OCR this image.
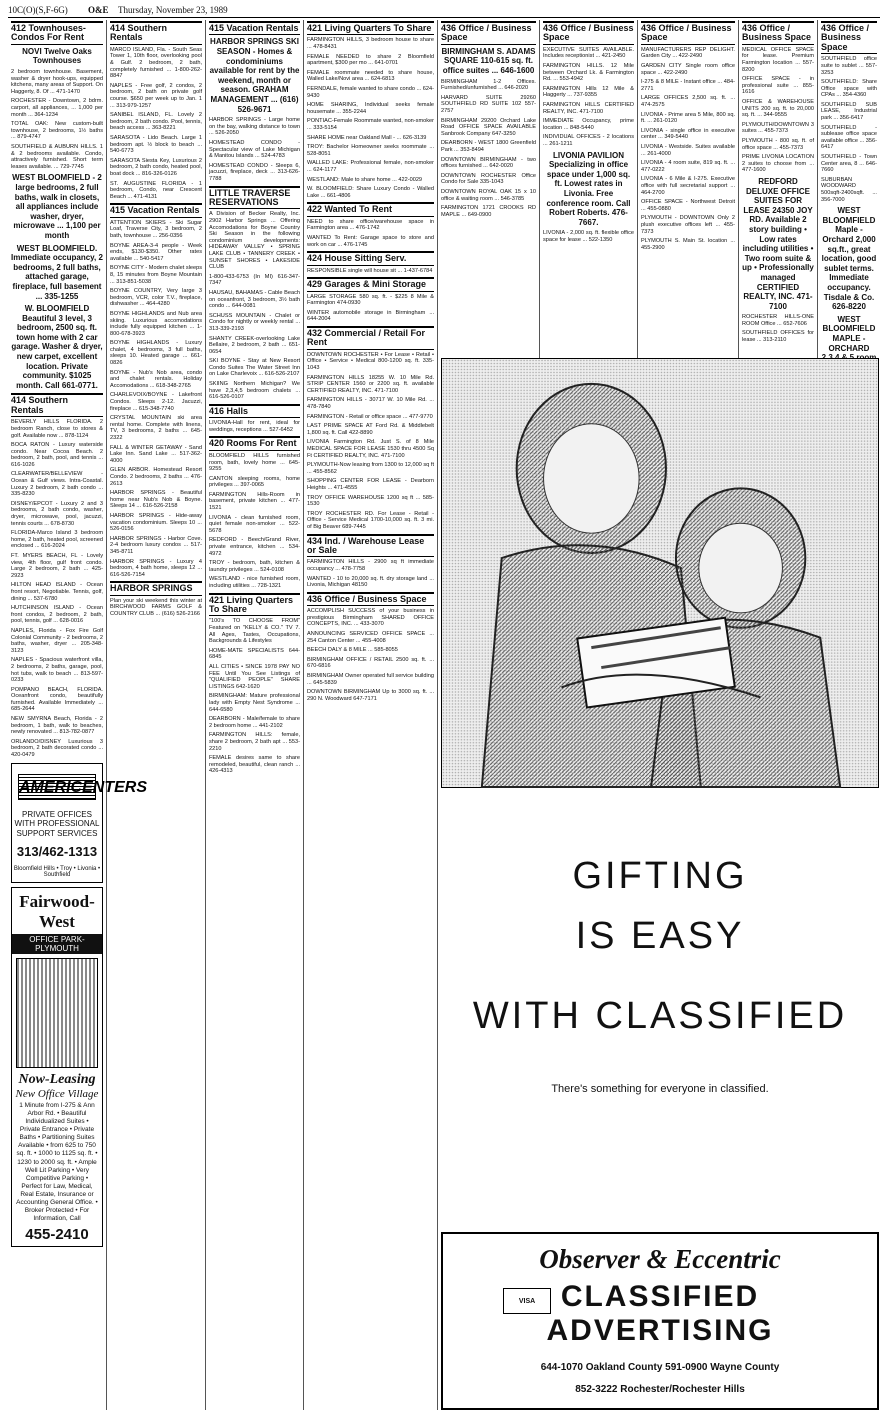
10C(O)(S,F-6G) O&E Thursday, November 23, 1989
412 Townhouses-Condos For Rent
NOVI Twelve Oaks Townhouses
2 bedroom townhouse. Basement, washer & dryer hook-ups, equipped kitchens, many areas of Support. On Haggerty, 8. Of ... 471-1470
ROCHESTER - Downtown, 2 bdrm. carport, all appliances, ... 1,000 per month ... 364-1234
TOTAL OAK: New custom-built townhouse, 2 bedrooms, 1½ baths ... 879-4747
SOUTHFIELD & AUBURN HILLS. 1 & 2 bedrooms available. Condo, attractively furnished. Short term leases available. ... 729-7745
WEST BLOOMFIELD - 2 large bedrooms, 2 full baths, walk in closets, all appliances include washer, dryer, microwave ... 1,100 per month
WEST BLOOMFIELD. Immediate occupancy, 2 bedrooms, 2 full baths, attached garage, fireplace, full basement ... 335-1255
W. BLOOMFIELD Beautiful 3 level, 3 bedroom, 2500 sq. ft. town home with 2 car garage. Washer & dryer, new carpet, excellent location. Private community. $1025 month. Call 661-0771.
414 Southern Rentals
BEVERLY HILLS FLORIDA. 2 bedroom Ranch, close to stores & golf. Available now ... 878-1124
BOCA RATON - Luxury waterside condo. Near Cocoa Beach. 2 bedroom, 2 bath, pool, and tennis ... 616-1026
CLEARWATER/BELLEVIEW - Ocean & Gulf views. Intra-Coastal. Luxury 2 bedroom, 2 bath condo ... 335-8230
DISNEY/EPCOT - Luxury 2 and 3 bedrooms, 2 bath condo, washer, dryer, microwave, pool, jacuzzi, tennis courts ... 678-8730
FLORIDA-Marco Island 3 bedroom home, 2 bath, heated pool, screened enclosed ... 616-2024
FT. MYERS BEACH, FL - Lovely view, 4th floor, gulf front condo. Large 2 bedroom, 2 bath ... 425-2923
HILTON HEAD ISLAND - Ocean front resort, Negotiable. Tennis, golf, dining ... 537-6780
HUTCHINSON ISLAND - Ocean front condos, 2 bedroom, 2 bath, pool, tennis, golf ... 628-0016
NAPLES, Florida - Fox Fire Golf Colonial Community - 2 bedrooms, 2 baths, washer, dryer ... 205-348-3123
NAPLES - Spacious waterfront villa, 2 bedrooms, 2 baths, garage, pool, hot tubs, walk to beach ... 813-597-0233
POMPANO BEACH, FLORIDA. Oceanfront condo, beautifully furnished. Available Immediately ... 685-2644
NEW SMYRNA Beach, Florida - 2 bedroom, 1 bath, walk to beaches, newly renovated ... 813-782-0877
ORLANDO/DISNEY Luxurious 3 bedroom, 2 bath decorated condo ... 420-0479
AMERICENTERS
PRIVATE OFFICES
WITH PROFESSIONAL SUPPORT SERVICES
313/462-1313
Bloomfield Hills • Troy • Livonia • Southfield
Fairwood-West
OFFICE PARK-PLYMOUTH
Now-Leasing
New Office Village
1 Minute from I-275 & Ann Arbor Rd. • Beautiful Individualized Suites • Private Entrance • Private Baths • Partitioning Suites Available • from 625 to 750 sq. ft. • 1000 to 1125 sq. ft. • 1230 to 2000 sq. ft. • Ample Well Lit Parking • Very Competitive Parking • Perfect for Law, Medical, Real Estate, Insurance or Accounting General Office. • Broker Protected • For Information, Call
455-2410
414 Southern Rentals
MARCO ISLAND, Fla. - South Seas Tower 1, 10th floor, overlooking pool & Gulf. 2 bedroom, 2 bath, completely furnished ... 1-800-262-8847
NAPLES - Free golf, 2 condos, 2 bedroom, 2 bath on private golf course. $650 per week up to Jan. 1 ... 313-979-1257
SANIBEL ISLAND, FL. Lovely 2 bedroom, 2 bath condo. Pool, tennis, beach access ... 363-8221
SARASOTA - Lido Beach. Large 1 bedroom apt. ½ block to beach ... 540-6773
SARASOTA Siesta Key, Luxurious 2 bedroom, 2 bath condo, heated pool, boat dock ... 816-326-0126
ST. AUGUSTINE FLORIDA - 1 bedroom, Condo, near Crescent Beach ... 471-4131
415 Vacation Rentals
ATTENTION SKIERS - Ski Sugar Loaf, Traverse City, 3 bedroom, 2 bath, townhouse ... 256-0356
BOYNE AREA-3-4 people - Week ends, $130-$350. Other rates available ... 540-5417
BOYNE CITY - Modern chalet sleeps 8, 15 minutes from Boyne Mountain ... 313-851-5038
BOYNE COUNTRY, Very large 3 bedroom, VCR, color T.V., fireplace, dishwasher ... 464-4280
BOYNE HIGHLANDS and Nub area skiing. Luxurious accomodations include fully equipped kitchen ... 1-800-678-3923
BOYNE HIGHLANDS - Luxury chalet, 4 bedrooms, 3 full baths, sleeps 10. Heated garage ... 661-0826
BOYNE - Nub's Nob area, condo and chalet rentals. Holiday Accomodations ... 618-348-2765
CHARLEVOIX/BOYNE - Lakefront Condos. Sleeps 2-12. Jacuzzi, fireplace ... 615-348-7740
CRYSTAL MOUNTAIN ski area rental home. Complete with linens, TV, 3 bedrooms, 2 baths ... 645-2322
FALL & WINTER GETAWAY - Sand Lake Inn. Sand Lake ... 517-362-4000
GLEN ARBOR. Homestead Resort Condo. 2 bedrooms, 2 baths ... 476-2613
HARBOR SPRINGS - Beautiful home near Nub's Nob & Boyne. Sleeps 14 ... 616-526-2158
HARBOR SPRINGS - Hide-away vacation condominium. Sleeps 10 ... 526-0156
HARBOR SPRINGS - Harbor Cove. 2-4 bedroom luxury condos ... 517-345-8711
HARBOR SPRINGS - Luxury 4 bedroom, 4 bath home, sleeps 12 ... 616-526-7154
HARBOR SPRINGS
Plan your ski weekend this winter at BIRCHWOOD FARMS GOLF & COUNTRY CLUB ... (616) 526-2166
415 Vacation Rentals
HARBOR SPRINGS SKI SEASON - Homes & condominiums available for rent by the weekend, month or season. GRAHAM MANAGEMENT ... (616) 526-9671
HARBOR SPRINGS - Large home on the bay, walking distance to town ... 526-2050
HOMESTEAD CONDO - Spectacular view of Lake Michigan & Manitou Islands ... 524-4783
HOMESTEAD CONDO - Sleeps 6, jacuzzi, fireplace, deck ... 313-626-7788
LITTLE TRAVERSE RESERVATIONS
A Division of Becker Realty, Inc. 2902 Harbor Springs ... Offering Accomodations for Boyne Country Ski Season in the following condominium developments: HIDEAWAY VALLEY • SPRING LAKE CLUB • TANNERY CREEK • SUNSET SHORES • LAKESIDE CLUB
1-800-433-6753 (In MI) 616-347-7347
HAUSAU, BAHAMAS - Cable Beach on oceanfront, 3 bedroom, 3½ bath condo ... 644-0081
SCHUSS MOUNTAIN - Chalet or Condo for nightly or weekly rental ... 313-339-2193
SHANTY CREEK-overlooking Lake Bellaire, 2 bedroom, 2 bath ... 651-0654
SKI BOYNE - Stay at New Resort Condo Suites The Water Street Inn on Lake Charlevoix ... 616-526-2107
SKIING Northern Michigan? We have 2,3,4,5 bedroom chalets ... 616-526-0107
416 Halls
LIVONIA-Hall for rent, ideal for weddings, receptions ... 527-6452
420 Rooms For Rent
BLOOMFIELD HILLS furnished room, bath, lovely home ... 645-9255
CANTON sleeping rooms, home privileges ... 397-0065
FARMINGTON Hills-Room in basement, private kitchen ... 477-1521
LIVONIA - clean furnished room, quiet female non-smoker ... 522-5678
REDFORD - Beech/Grand River, private entrance, kitchen ... 534-4972
TROY - bedroom, bath, kitchen & laundry privileges ... 524-0108
WESTLAND - nice furnished room, including utilities ... 728-1321
421 Living Quarters To Share
"100's TO CHOOSE FROM" Featured on "KELLY & CO." TV 7. All Ages, Tastes, Occupations, Backgrounds & Lifestyles
HOME-MATE SPECIALISTS 644-6845
ALL CITIES • SINCE 1978 PAY NO FEE Until You See Listings of "QUALIFIED PEOPLE" SHARE LISTINGS 642-1620
BIRMINGHAM: Mature professional lady with Empty Nest Syndrome ... 644-6580
DEARBORN - Male/female to share 2 bedroom home ... 441-2102
FARMINGTON HILLS: female, share 2 bedroom, 2 bath apt ... 553-2210
FEMALE desires same to share remodeled, beautiful, clean ranch ... 426-4313
421 Living Quarters To Share
FARMINGTON HILLS, 3 bedroom house to share ... 478-8431
FEMALE NEEDED to share 2 Bloomfield apartment, $300 per mo ... 641-0701
FEMALE roommate needed to share house, Walled Lake/Novi area ... 624-6813
FERNDALE, female wanted to share condo ... 624-9430
HOME SHARING, Individual seeks female housemate ... 355-2244
PONTIAC-Female Roommate wanted, non-smoker ... 333-5154
SHARE HOME near Oakland Mall - ... 626-3139
TROY: Bachelor Homeowner seeks roommate ... 528-8051
WALLED LAKE: Professional female, non-smoker ... 624-1177
WESTLAND: Male to share home ... 422-0029
W. BLOOMFIELD: Share Luxury Condo - Walled Lake ... 661-4806
422 Wanted To Rent
NEED to share office/warehouse space in Farmington area ... 476-1742
WANTED To Rent: Garage space to store and work on car ... 476-1745
424 House Sitting Serv.
RESPONSIBLE single will house sit ... 1-437-6784
429 Garages & Mini Storage
LARGE STORAGE 580 sq. ft. - $225 8 Mile & Farmington 474-0930
WINTER automobile storage in Birmingham ... 644-2004
432 Commercial / Retail For Rent
DOWNTOWN ROCHESTER • For Lease • Retail • Office • Service • Medical 800-1200 sq. ft. 335-1043
FARMINGTON HILLS 18255 W. 10 Mile Rd. STRIP CENTER 1560 or 2200 sq. ft. available CERTIFIED REALTY, INC. 471-7100
FARMINGTON HILLS - 30717 W. 10 Mile Rd. ... 478-7840
FARMINGTON - Retail or office space ... 477-9770
LAST PRIME SPACE AT Ford Rd. & Middlebelt 1,800 sq. ft. Call 422-8890
LIVONIA Farmington Rd. Just S. of 8 Mile MEDICAL SPACE FOR LEASE 1530 thru 4500 Sq Ft CERTIFIED REALTY, INC. 471-7100
PLYMOUTH-Now leasing from 1300 to 12,000 sq ft ... 455-8562
SHOPPING CENTER FOR LEASE - Dearborn Heights ... 471-4555
TROY OFFICE WAREHOUSE 1200 sq ft ... 585-1530
TROY ROCHESTER RD. For Lease - Retail - Office - Service Medical 1700-10,000 sq. ft. 3 mi. of Big Beaver 689-7445
434 Ind. / Warehouse Lease or Sale
FARMINGTON HILLS - 2900 sq ft immediate occupancy ... 478-7758
WANTED - 10 to 20,000 sq. ft. dry storage land ... Livonia, Michigan 48150
436 Office / Business Space
ACCOMPLISH SUCCESS of your business in prestigious Birmingham SHARED OFFICE CONCEPTS, INC. ... 433-3070
ANNOUNCING SERVICED OFFICE SPACE ... 254 Canton Center ... 455-4008
BEECH DALY & 8 MILE ... 585-8055
BIRMINGHAM OFFICE / RETAIL 2500 sq. ft. ... 670-6816
BIRMINGHAM Owner operated full service building ... 645-5839
DOWNTOWN BIRMINGHAM Up to 3000 sq. ft. ... 290 N. Woodward 647-7171
436 Office / Business Space
BIRMINGHAM S. ADAMS SQUARE 110-615 sq. ft. office suites ... 646-1600
BIRMINGHAM 1-2 Offices. Furnished/unfurnished ... 646-2020
HARVARD SUITE 29260 SOUTHFIELD RD SUITE 102 557-2757
BIRMINGHAM 29200 Orchard Lake Road OFFICE SPACE AVAILABLE Sanbrook Company 647-3250
DEARBORN - WEST 1800 Greenfield Park ... 353-8494
DOWNTOWN BIRMINGHAM - two offices furnished ... 642-0020
DOWNTOWN ROCHESTER Office Condo for Sale 335-1043
DOWNTOWN ROYAL OAK 15 x 10 office & waiting room ... 546-3785
FARMINGTON 1721 CROOKS RD MAPLE ... 649-0900
436 Office / Business Space
EXECUTIVE SUITES AVAILABLE. Includes receptionist ... 421-2450
FARMINGTON HILLS. 12 Mile between Orchard Lk. & Farmington Rd. ... 553-4942
FARMINGTON Hills 12 Mile & Haggerty ... 737-9355
FARMINGTON HILLS CERTIFIED REALTY, INC. 471-7100
IMMEDIATE Occupancy, prime location ... 848-5440
INDIVIDUAL OFFICES - 2 locations ... 261-1211
LIVONIA PAVILION Specializing in office space under 1,000 sq. ft. Lowest rates in Livonia. Free conference room. Call Robert Roberts. 476-7667.
LIVONIA - 2,000 sq. ft. flexible office space for lease ... 522-1350
436 Office / Business Space
MANUFACTURERS REP DELIGHT. Garden City ... 422-2490
GARDEN CITY Single room office space ... 422-2490
I-275 & 8 MILE - Instant office ... 484-2771
LARGE OFFICES 2,500 sq. ft. ... 474-2575
LIVONIA - Prime area 5 Mile, 800 sq. ft. ... 261-0120
LIVONIA - single office in executive center ... 349-5440
LIVONIA - Westside. Suites available ... 261-4000
LIVONIA - 4 room suite, 819 sq. ft. ... 477-0222
LIVONIA - 6 Mile & I-275. Executive office with full secretarial support ... 464-2700
OFFICE SPACE - Northwest Detroit ... 455-0880
PLYMOUTH - DOWNTOWN Only 2 plush executive offices left ... 455-7373
PLYMOUTH S. Main St. location ... 455-2900
436 Office / Business Space
MEDICAL OFFICE SPACE for lease. Premium Farmington location ... 557-8200
OFFICE SPACE - in professional suite ... 855-1616
OFFICE & WAREHOUSE UNITS 200 sq. ft. to 20,000 sq. ft. ... 344-9555
PLYMOUTH/DOWNTOWN 3 suites ... 455-7373
PLYMOUTH - 800 sq. ft. of office space ... 455-7373
PRIME LIVONIA LOCATION 2 suites to choose from ... 477-1600
REDFORD DELUXE OFFICE SUITES FOR LEASE 24350 JOY RD. Available 2 story building • Low rates including utilities • Two room suite & up • Professionally managed CERTIFIED REALTY, INC. 471-7100
ROCHESTER HILLS-ONE ROOM Office ... 652-7606
SOUTHFIELD OFFICES for lease ... 313-2110
436 Office / Business Space
SOUTHFIELD office suite to sublet ... 557-3253
SOUTHFIELD: Share Office space with CPAs ... 354-4360
SOUTHFIELD SUB LEASE, Industrial park ... 356-6417
SOUTHFIELD - sublease office space available office ... 356-6417
SOUTHFIELD - Town Center area, 8 ... 646-7660
SUBURBAN WOODWARD 500sqft-2400sqft. ... 356-7000
WEST BLOOMFIELD Maple - Orchard 2,000 sq.ft., great location, good sublet terms. Immediate occupancy. Tisdale & Co. 626-8220
WEST BLOOMFIELD MAPLE - ORCHARD
GIFTING
IS EASY
WITH CLASSIFIED
There's something for everyone in classified.
Observer & Eccentric
VISA CLASSIFIED
ADVERTISING
644-1070 Oakland County 591-0900 Wayne County
852-3222 Rochester/Rochester Hills
